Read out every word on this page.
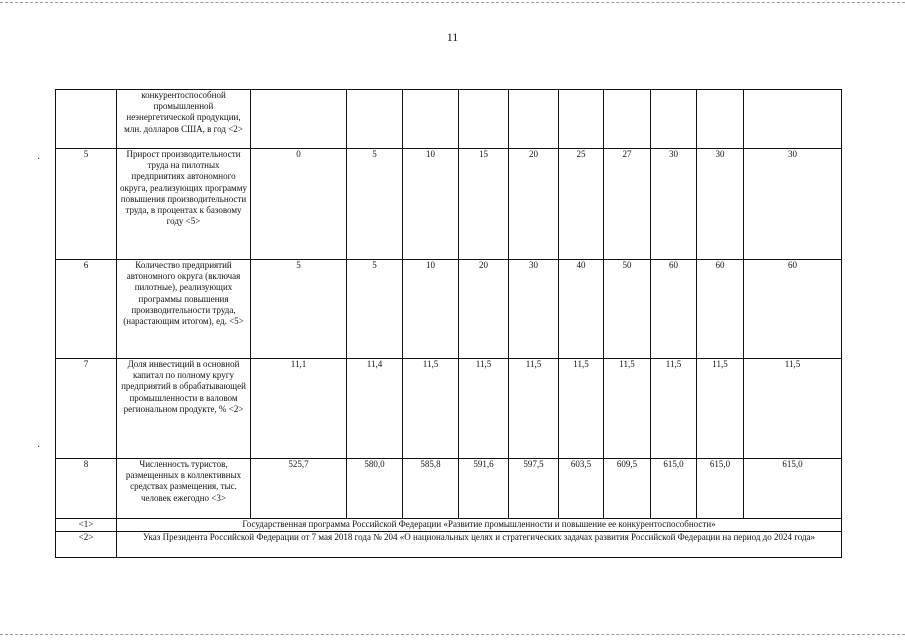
11
·
·
	конкурентоспособной промышленной неэнергетической продукции, млн. долларов США, в год <2>										
5	Прирост производительности труда на пилотных предприятиях автономного округа, реализующих программу повышения производительности труда, в процентах к базовому году <5>	0	5	10	15	20	25	27	30	30	30
6	Количество предприятий автономного округа (включая пилотные), реализующих программы повышения производительности труда, (нарастающим итогом), ед. <5>	5	5	10	20	30	40	50	60	60	60
7	Доля инвестиций в основной капитал по полному кругу предприятий в обрабатывающей промышленности в валовом региональном продукте, % <2>	11,1	11,4	11,5	11,5	11,5	11,5	11,5	11,5	11,5	11,5
8	Численность туристов, размещенных в коллективных средствах размещения, тыс. человек ежегодно <3>	525,7	580,0	585,8	591,6	597,5	603,5	609,5	615,0	615,0	615,0
<1>	Государственная программа Российской Федерации «Развитие промышленности и повышение ее конкурентоспособности»										
<2>	Указ Президента Российской Федерации от 7 мая 2018 года № 204 «О национальных целях и стратегических задачах развития Российской Федерации на период до 2024 года»										
